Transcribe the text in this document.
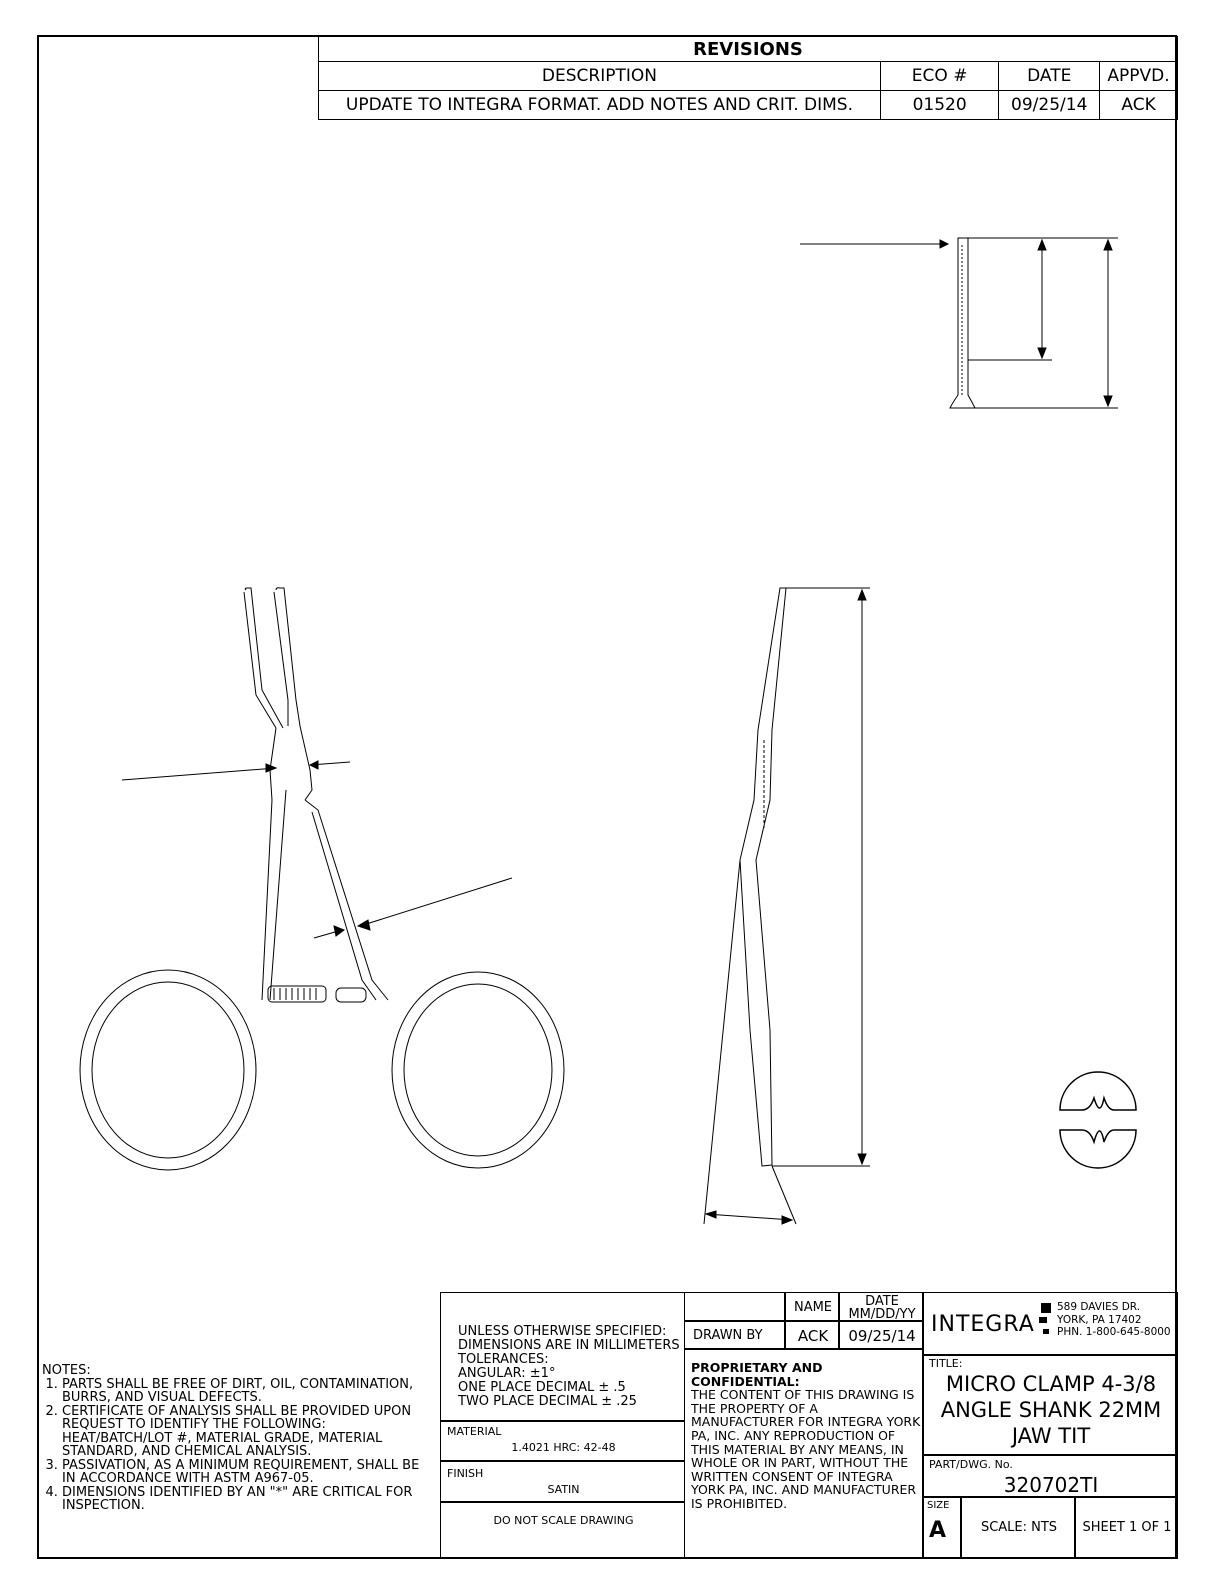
REVISIONS			
DESCRIPTION	ECO #	DATE	APPVD.
UPDATE TO INTEGRA FORMAT. ADD NOTES AND CRIT. DIMS.	01520	09/25/14	ACK
NOTES:
1. PARTS SHALL BE FREE OF DIRT, OIL, CONTAMINATION, BURRS, AND VISUAL DEFECTS.
2. CERTIFICATE OF ANALYSIS SHALL BE PROVIDED UPON REQUEST TO IDENTIFY THE FOLLOWING: HEAT/BATCH/LOT #, MATERIAL GRADE, MATERIAL STANDARD, AND CHEMICAL ANALYSIS.
3. PASSIVATION, AS A MINIMUM REQUIREMENT, SHALL BE IN ACCORDANCE WITH ASTM A967-05.
4. DIMENSIONS IDENTIFIED BY AN "*" ARE CRITICAL FOR INSPECTION.
UNLESS OTHERWISE SPECIFIED:
DIMENSIONS ARE IN MILLIMETERS
TOLERANCES:
ANGULAR: ±1°
ONE PLACE DECIMAL ± .5
TWO PLACE DECIMAL ± .25
MATERIAL
1.4021 HRC: 42-48
FINISH
SATIN
DO NOT SCALE DRAWING
NAME	DATE
MM/DD/YY
DRAWN BY	ACK	09/25/14
PROPRIETARY AND CONFIDENTIAL:
THE CONTENT OF THIS DRAWING IS THE PROPERTY OF A MANUFACTURER FOR INTEGRA YORK PA, INC. ANY REPRODUCTION OF THIS MATERIAL BY ANY MEANS, IN WHOLE OR IN PART, WITHOUT THE WRITTEN CONSENT OF INTEGRA YORK PA, INC. AND MANUFACTURER IS PROHIBITED.
INTEGRA
589 DAVIES DR.
YORK, PA 17402
PHN. 1-800-645-8000
TITLE:
MICRO CLAMP 4-3/8
ANGLE SHANK 22MM
JAW TIT
PART/DWG. No.
320702TI
SIZE
A	SCALE: NTS	SHEET 1 OF 1
